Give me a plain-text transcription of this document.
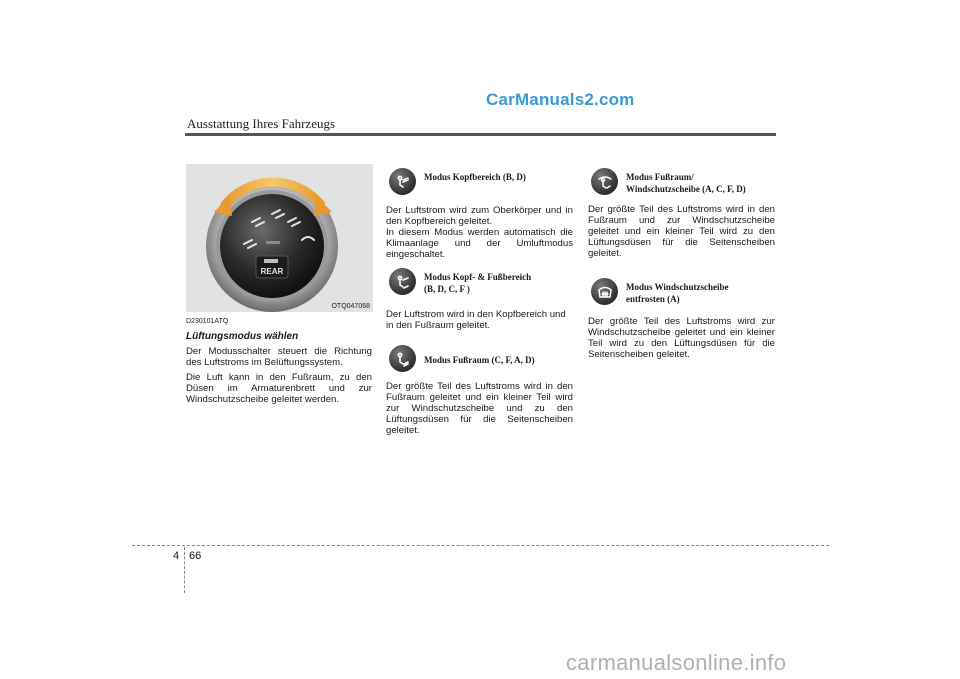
CarManuals2.com
Ausstattung Ihres Fahrzeugs
REAR
OTQ047068

D230101ATQ

Lüftungsmodus wählen

Der Modusschalter steuert die Richtung des Luftstroms im Belüftungssystem.

Die Luft kann in den Fußraum, zu den Düsen im Armaturenbrett und zur Windschutzscheibe geleitet werden.

Modus Kopfbereich (B, D)

Der Luftstrom wird zum Oberkörper und in den Kopfbereich geleitet.
In diesem Modus werden automatisch die Klimaanlage und der Umluftmodus eingeschaltet.

Modus Kopf- & Fußbereich
(B, D, C, F )

Der Luftstrom wird in den Kopfbereich und in den Fußraum geleitet.

Modus Fußraum (C, F, A, D)

Der größte Teil des Luftstroms wird in den Fußraum geleitet und ein kleiner Teil wird zur Windschutzscheibe und zu den Lüftungsdüsen für die Seitenscheiben geleitet.

Modus Fußraum/
Windschutzscheibe (A, C, F, D)

Der größte Teil des Luftstroms wird in den Fußraum und zur Windschutzscheibe geleitet und ein kleiner Teil wird zu den Lüftungsdüsen für die Seitenscheiben geleitet.

Modus Windschutzscheibe
entfrosten (A)

Der größte Teil des Luftstroms wird zur Windschutzscheibe geleitet und ein kleiner Teil wird zu den Lüftungsdüsen für die Seitenscheiben geleitet.

4 66
carmanualsonline.info
